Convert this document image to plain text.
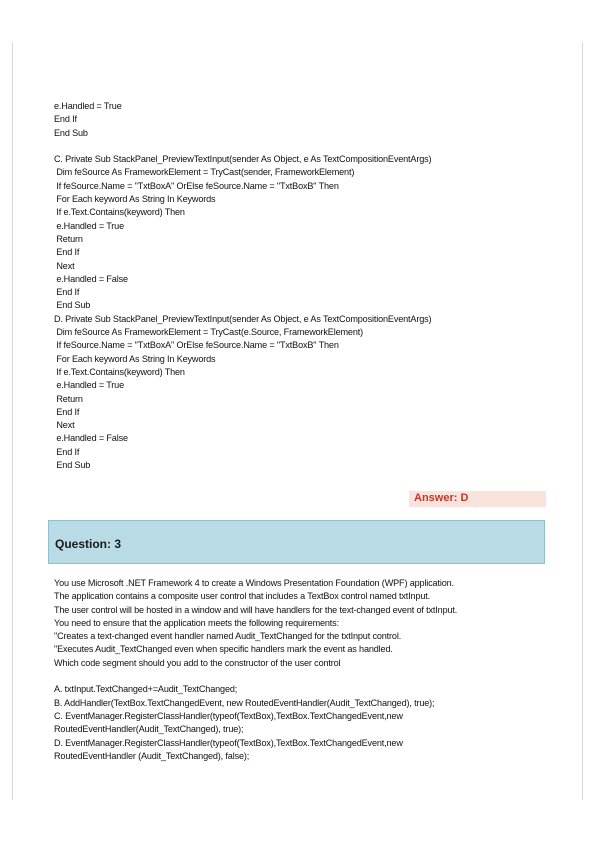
e.Handled = True
End If
End Sub
C. Private Sub StackPanel_PreviewTextInput(sender As Object, e As TextCompositionEventArgs)
Dim feSource As FrameworkElement = TryCast(sender, FrameworkElement)
If feSource.Name = "TxtBoxA" OrElse feSource.Name = "TxtBoxB" Then
For Each keyword As String In Keywords
If e.Text.Contains(keyword) Then
e.Handled = True
Return
End If
Next
e.Handled = False
End If
End Sub
D. Private Sub StackPanel_PreviewTextInput(sender As Object, e As TextCompositionEventArgs)
Dim feSource As FrameworkElement = TryCast(e.Source, FrameworkElement)
If feSource.Name = "TxtBoxA" OrElse feSource.Name = "TxtBoxB" Then
For Each keyword As String In Keywords
If e.Text.Contains(keyword) Then
e.Handled = True
Return
End If
Next
e.Handled = False
End If
End Sub
Answer: D
Question: 3
You use Microsoft .NET Framework 4 to create a Windows Presentation Foundation (WPF) application.
The application contains a composite user control that includes a TextBox control named txtInput.
The user control will be hosted in a window and will have handlers for the text-changed event of txtInput.
You need to ensure that the application meets the following requirements:
"Creates a text-changed event handler named Audit_TextChanged for the txtInput control.
"Executes Audit_TextChanged even when specific handlers mark the event as handled.
Which code segment should you add to the constructor of the user control
A. txtInput.TextChanged+=Audit_TextChanged;
B. AddHandler(TextBox.TextChangedEvent, new RoutedEventHandler(Audit_TextChanged), true);
C. EventManager.RegisterClassHandler(typeof(TextBox),TextBox.TextChangedEvent,new
RoutedEventHandler(Audit_TextChanged), true);
D. EventManager.RegisterClassHandler(typeof(TextBox),TextBox.TextChangedEvent,new
RoutedEventHandler (Audit_TextChanged), false);
